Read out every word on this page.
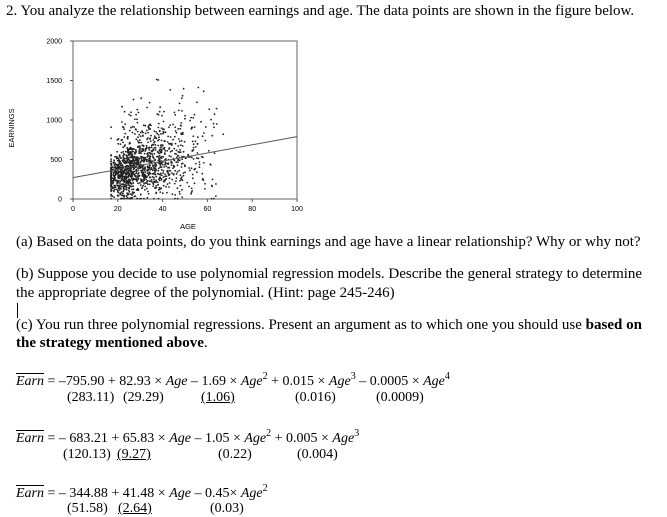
2. You analyze the relationship between earnings and age. The data points are shown in the figure below.
0	20	40	60	80	100
0
500
1000
1500
2000
AGE
EARNINGS
(a) Based on the data points, do you think earnings and age have a linear relationship? Why or why not?
(b) Suppose you decide to use polynomial regression models. Describe the general strategy to determine
the appropriate degree of the polynomial. (Hint: page 245-246)
(c) You run three polynomial regressions. Present an argument as to which one you should use based on
the strategy mentioned above.
Earn = –795.90 + 82.93 × Age – 1.69 × Age$^2$ + 0.015 × Age$^3$ – 0.0005 × Age$^4$
(283.11) (29.29)	(1.06)	(0.016)	(0.0009)
Earn = – 683.21 + 65.83 × Age – 1.05 × Age$^2$ + 0.005 × Age$^3$
(120.13) (9.27)	(0.22)	(0.004)
Earn = – 344.88 + 41.48 × Age – 0.45× Age$^2$
(51.58) (2.64)	(0.03)
